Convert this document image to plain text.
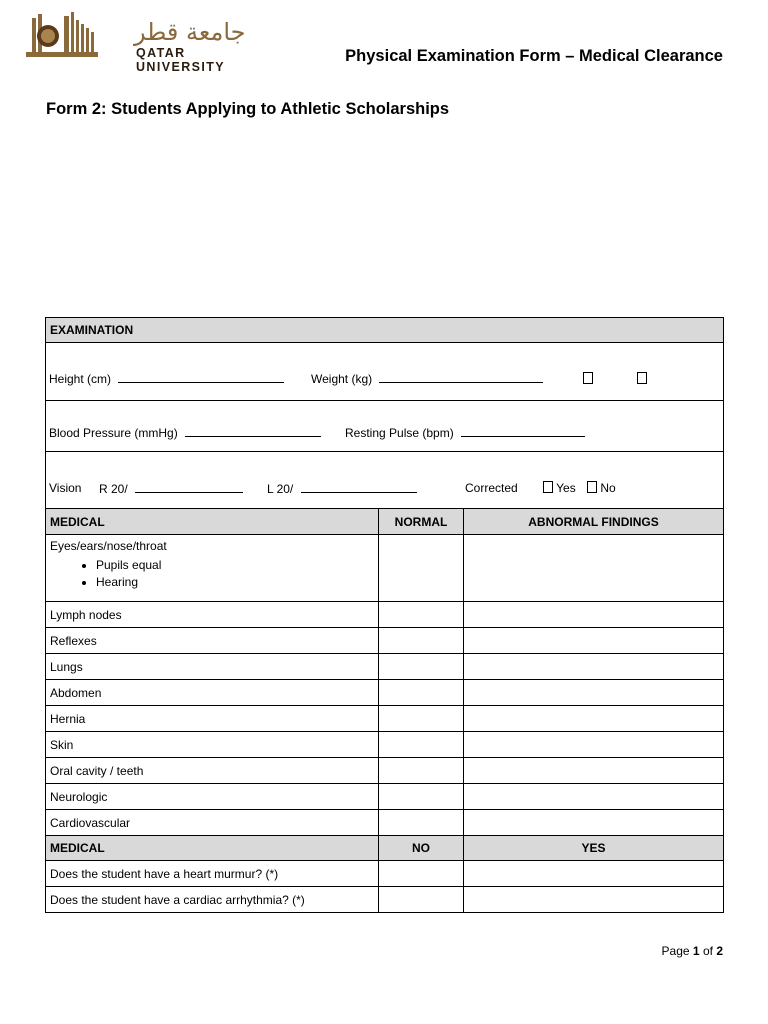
جامعة قطر
QATAR UNIVERSITY
Physical Examination Form – Medical Clearance
Form 2: Students Applying to Athletic Scholarships
EXAMINATION
Height (cm)	Weight (kg)
Blood Pressure (mmHg)	Resting Pulse (bpm)
Vision R 20/	L 20/	Corrected	Yes	No
MEDICAL	NORMAL	ABNORMAL FINDINGS
Eyes/ears/nose/throat
• Pupils equal
• Hearing
Lymph nodes
Reflexes
Lungs
Abdomen
Hernia
Skin
Oral cavity / teeth
Neurologic
Cardiovascular
MEDICAL	NO	YES
Does the student have a heart murmur? (*)
Does the student have a cardiac arrhythmia? (*)
Page 1 of 2
